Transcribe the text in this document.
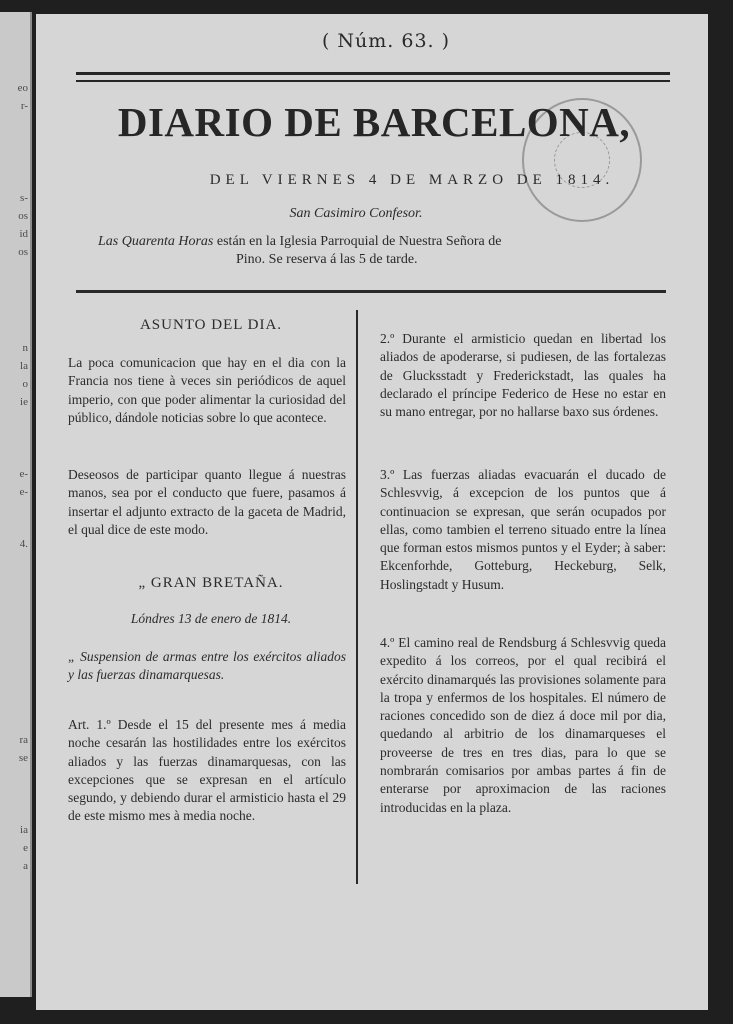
eo
r-
s-
os
id
os
n
la
o
ie
e-
e-
4.
ra
se
ia
e
a
( Núm. 63. )
DIARIO DE BARCELONA,
DEL VIERNES 4 DE MARZO DE 1814.
San Casimiro Confesor.
Las Quarenta Horas están en la Iglesia Parroquial de Nuestra Señora de
Pino. Se reserva á las 5 de tarde.
ASUNTO DEL DIA.

La poca comunicacion que hay en el dia con la Francia nos tiene à veces sin periódicos de aquel imperio, con que poder alimentar la curiosidad del público, dándole noticias sobre lo que acontece.

Deseosos de participar quanto llegue á nuestras manos, sea por el conducto que fuere, pasamos á insertar el adjunto extracto de la gaceta de Madrid, el qual dice de este modo.

„ GRAN BRETAÑA.
Lóndres 13 de enero de 1814.

„ Suspension de armas entre los exércitos aliados y las fuerzas dinamarquesas.

Art. 1.º Desde el 15 del presente mes á media noche cesarán las hostilidades entre los exércitos aliados y las fuerzas dinamarquesas, con las excepciones que se expresan en el artículo segundo, y debiendo durar el armisticio hasta el 29 de este mismo mes à media noche.

2.º Durante el armisticio quedan en libertad los aliados de apoderarse, si pudiesen, de las fortalezas de Glucksstadt y Frederickstadt, las quales ha declarado el príncipe Federico de Hese no estar en su mano entregar, por no hallarse baxo sus órdenes.

3.º Las fuerzas aliadas evacuarán el ducado de Schlesvvig, á excepcion de los puntos que á continuacion se expresan, que serán ocupados por ellas, como tambien el terreno situado entre la línea que forman estos mismos puntos y el Eyder; à saber: Ekcenforhde, Gotteburg, Heckeburg, Selk, Hoslingstadt y Husum.

4.º El camino real de Rendsburg á Schlesvvig queda expedito á los correos, por el qual recibirá el exército dinamarqués las provisiones solamente para la tropa y enfermos de los hospitales. El número de raciones concedido son de diez á doce mil por dia, quedando al arbitrio de los dinamarqueses el proveerse de tres en tres dias, para lo que se nombrarán comisarios por ambas partes á fin de enterarse por aproximacion de las raciones introducidas en la plaza.
